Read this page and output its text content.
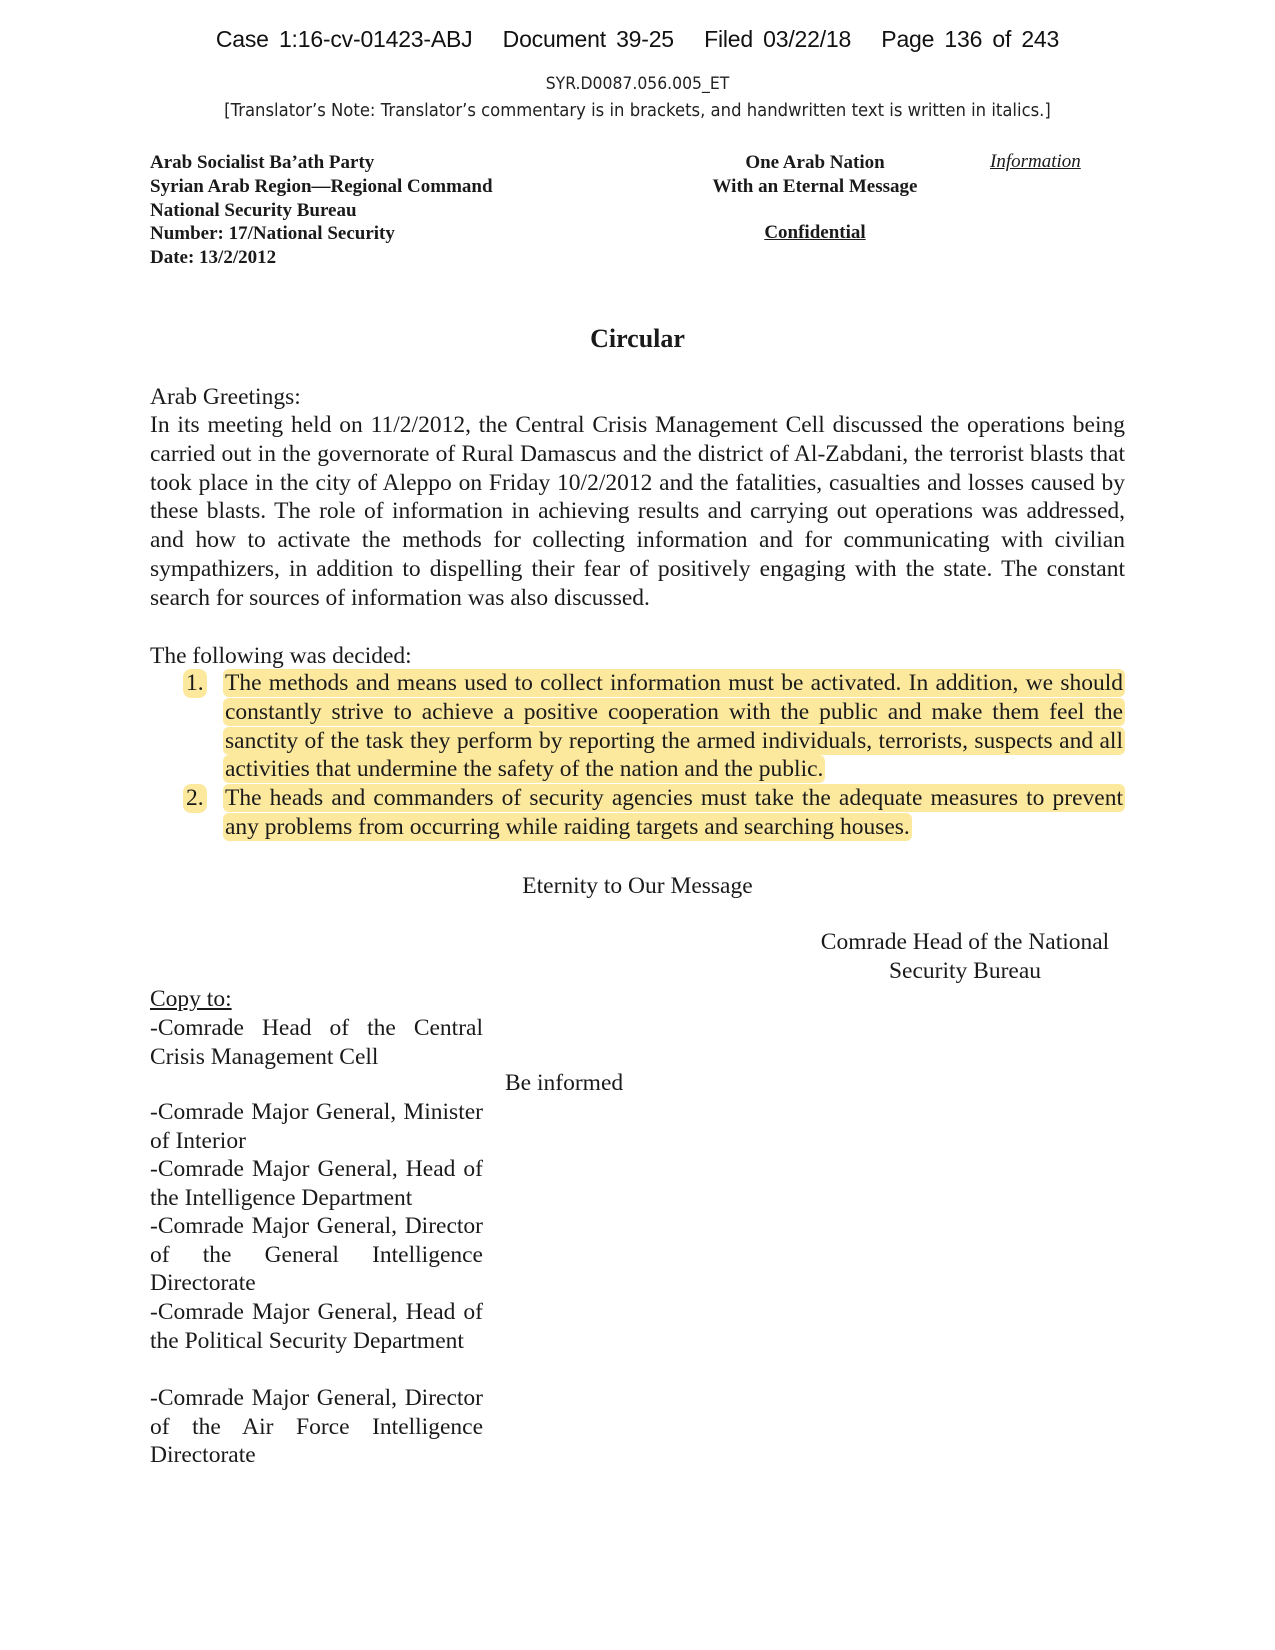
Case 1:16-cv-01423-ABJ Document 39-25 Filed 03/22/18 Page 136 of 243
SYR.D0087.056.005_ET
[Translator’s Note: Translator’s commentary is in brackets, and handwritten text is written in italics.]
Arab Socialist Ba’ath Party
Syrian Arab Region—Regional Command
National Security Bureau
Number: 17/National Security
Date: 13/2/2012
One Arab Nation
With an Eternal Message
Confidential
Information
Circular
Arab Greetings:
In its meeting held on 11/2/2012, the Central Crisis Management Cell discussed the operations being carried out in the governorate of Rural Damascus and the district of Al-Zabdani, the terrorist blasts that took place in the city of Aleppo on Friday 10/2/2012 and the fatalities, casualties and losses caused by these blasts. The role of information in achieving results and carrying out operations was addressed, and how to activate the methods for collecting information and for communicating with civilian sympathizers, in addition to dispelling their fear of positively engaging with the state. The constant search for sources of information was also discussed.
The following was decided:
1. The methods and means used to collect information must be activated. In addition, we should constantly strive to achieve a positive cooperation with the public and make them feel the sanctity of the task they perform by reporting the armed individuals, terrorists, suspects and all activities that undermine the safety of the nation and the public.
2. The heads and commanders of security agencies must take the adequate measures to prevent any problems from occurring while raiding targets and searching houses.
Eternity to Our Message
Comrade Head of the National
Security Bureau
Copy to:
-Comrade Head of the Central Crisis Management Cell
Be informed
-Comrade Major General, Minister of Interior
-Comrade Major General, Head of the Intelligence Department
-Comrade Major General, Director of the General Intelligence Directorate
-Comrade Major General, Head of the Political Security Department
-Comrade Major General, Director of the Air Force Intelligence Directorate
